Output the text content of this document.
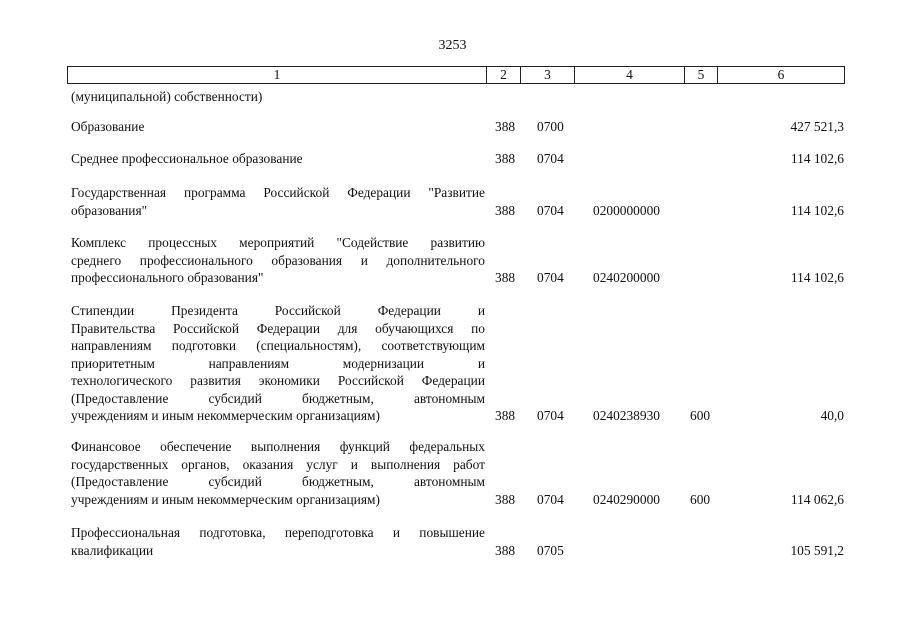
3253
1	2	3	4	5	6
(муниципальной) собственности)
Образование	388 0700	427 521,3
Среднее профессиональное образование	388 0704	114 102,6
Государственная программа Российской Федерации "Развитие
образования"	388 0704 0200000000	114 102,6
Комплекс процессных мероприятий "Содействие развитию
среднего профессионального образования и дополнительного
профессионального образования"	388 0704 0240200000	114 102,6
Стипендии Президента Российской Федерации и
Правительства Российской Федерации для обучающихся по
направлениям подготовки (специальностям), соответствующим
приоритетным направлениям модернизации и
технологического развития экономики Российской Федерации
(Предоставление субсидий бюджетным, автономным
учреждениям и иным некоммерческим организациям)	388 0704 0240238930 600	40,0
Финансовое обеспечение выполнения функций федеральных
государственных органов, оказания услуг и выполнения работ
(Предоставление субсидий бюджетным, автономным
учреждениям и иным некоммерческим организациям)	388 0704 0240290000 600	114 062,6
Профессиональная подготовка, переподготовка и повышение
квалификации	388 0705	105 591,2
